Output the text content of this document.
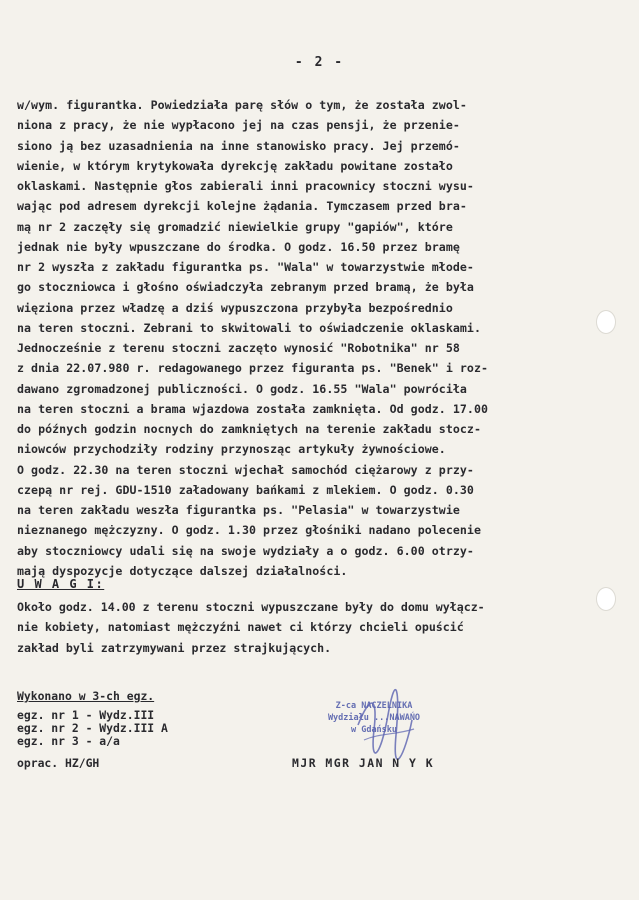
- 2 -
w/wym. figurantka. Powiedziała parę słów o tym, że została zwol-
niona z pracy, że nie wypłacono jej na czas pensji, że przenie-
siono ją bez uzasadnienia na inne stanowisko pracy. Jej przemó-
wienie, w którym krytykowała dyrekcję zakładu powitane zostało
oklaskami. Następnie głos zabierali inni pracownicy stoczni wysu-
wając pod adresem dyrekcji kolejne żądania. Tymczasem przed bra-
mą nr 2 zaczęły się gromadzić niewielkie grupy "gapiów", które
jednak nie były wpuszczane do środka. O godz. 16.50 przez bramę
nr 2 wyszła z zakładu figurantka ps. "Wala" w towarzystwie młode-
go stoczniowca i głośno oświadczyła zebranym przed bramą, że była
więziona przez władzę a dziś wypuszczona przybyła bezpośrednio
na teren stoczni. Zebrani to skwitowali to oświadczenie oklaskami.
Jednocześnie z terenu stoczni zaczęto wynosić "Robotnika" nr 58
z dnia 22.07.980 r. redagowanego przez figuranta ps. "Benek" i roz-
dawano zgromadzonej publiczności. O godz. 16.55 "Wala" powróciła
na teren stoczni a brama wjazdowa została zamknięta. Od godz. 17.00
do późnych godzin nocnych do zamkniętych na terenie zakładu stocz-
niowców przychodziły rodziny przynosząc artykuły żywnościowe.
O godz. 22.30 na teren stoczni wjechał samochód ciężarowy z przy-
czepą nr rej. GDU-1510 załadowany bańkami z mlekiem. O godz. 0.30
na teren zakładu weszła figurantka ps. "Pelasia" w towarzystwie
nieznanego mężczyzny. O godz. 1.30 przez głośniki nadano polecenie
aby stoczniowcy udali się na swoje wydziały a o godz. 6.00 otrzy-
mają dyspozycje dotyczące dalszej działalności.
U W A G I:
Około godz. 14.00 z terenu stoczni wypuszczane były do domu wyłącz-
nie kobiety, natomiast mężczyźni nawet ci którzy chcieli opuścić
zakład byli zatrzymywani przez strajkujących.
Wykonano w 3-ch egz.
egz. nr 1 - Wydz.III
egz. nr 2 - Wydz.III A
egz. nr 3 - a/a
oprac. HZ/GH
Z-ca NACZELNIKA
Wydziału ...NAWAŃO
w Gdańsku
MJR MGR JAN N Y K
